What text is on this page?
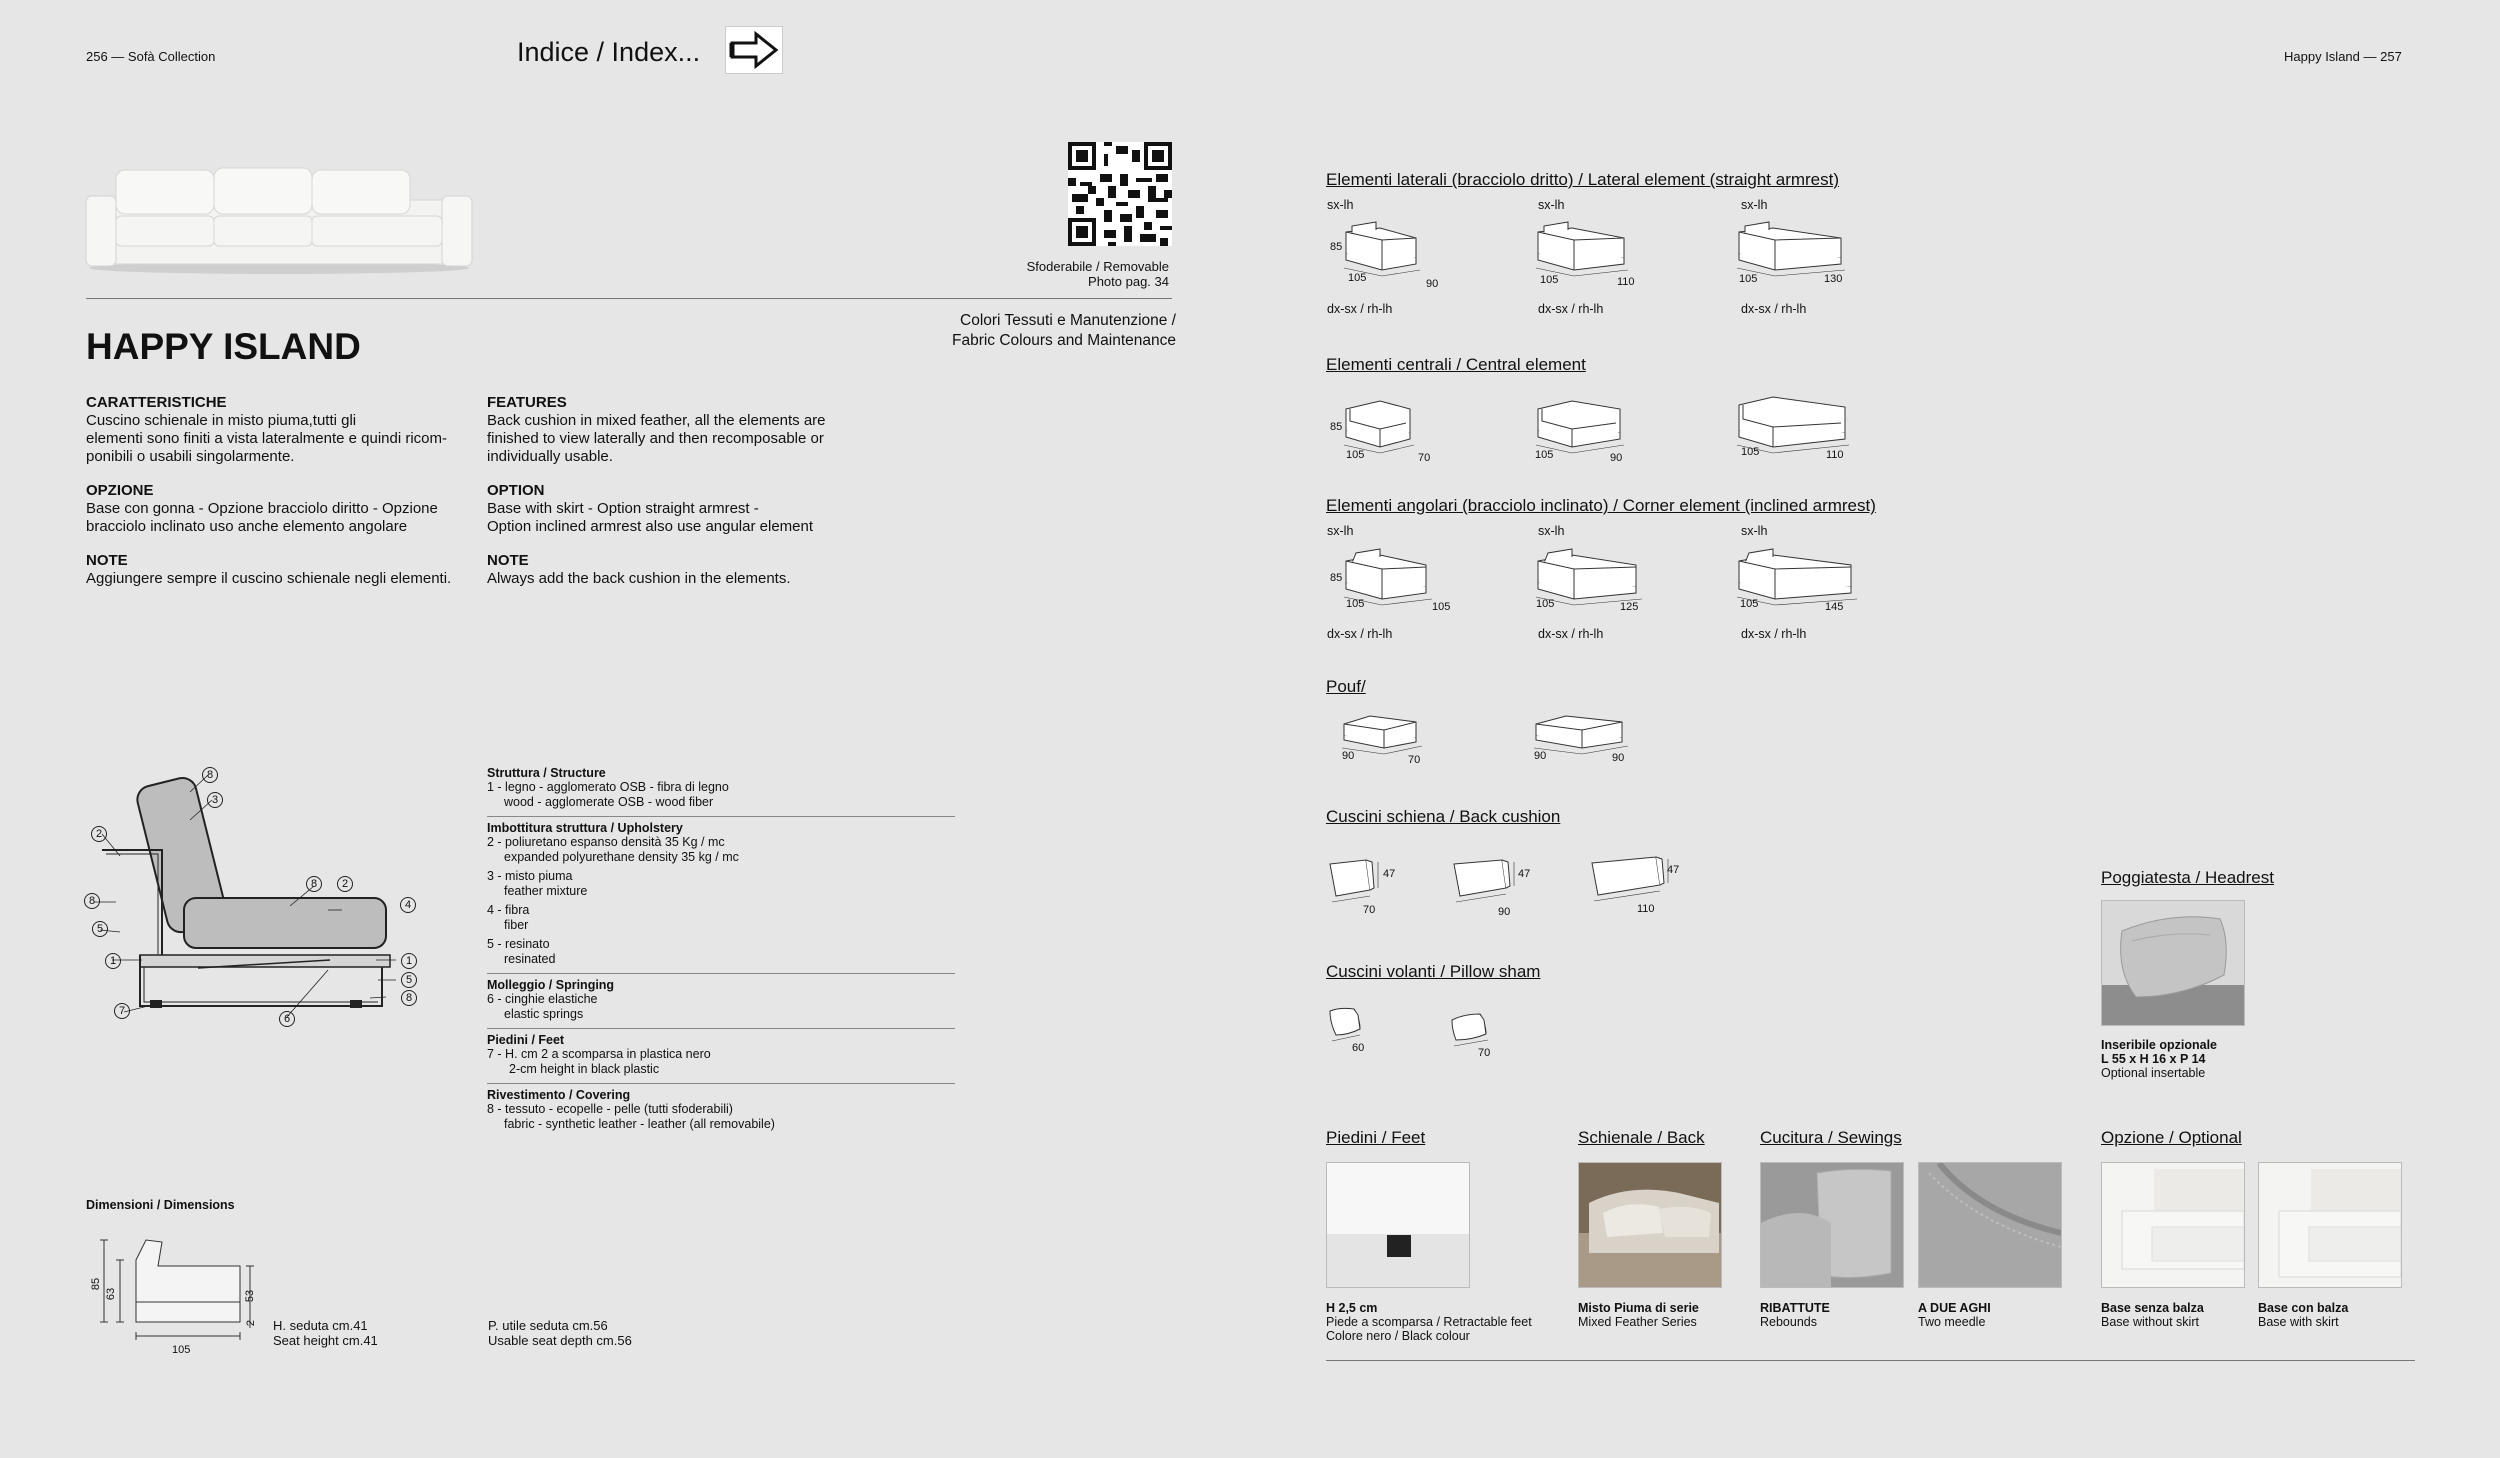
256 — Sofà Collection	Indice / Index...	Happy Island — 257
Sfoderabile / Removable
Photo pag. 34
HAPPY ISLAND
Colori Tessuti e Manutenzione /
Fabric Colours and Maintenance
CARATTERISTICHE
Cuscino schienale in misto piuma,tutti gli
elementi sono finiti a vista lateralmente e quindi ricom-
ponibili o usabili singolarmente.
OPZIONE
Base con gonna - Opzione bracciolo diritto - Opzione
bracciolo inclinato uso anche elemento angolare
NOTE
Aggiungere sempre il cuscino schienale negli elementi.
FEATURES
Back cushion in mixed feather, all the elements are
finished to view laterally and then recomposable or
individually usable.
OPTION
Base with skirt - Option straight armrest -
Option inclined armrest also use angular element
NOTE
Always add the back cushion in the elements.
8
3
2
8
2
4
8
5
1	1
5
8
7
6
Struttura / Structure
1 - legno - agglomerato OSB - fibra di legno
wood - agglomerate OSB - wood fiber
Imbottitura struttura / Upholstery
2 - poliuretano espanso densità 35 Kg / mc
expanded polyurethane density 35 kg / mc
3 - misto piuma
feather mixture
4 - fibra
fiber
5 - resinato
resinated
Molleggio / Springing
6 - cinghie elastiche
elastic springs
Piedini / Feet
7 - H. cm 2 a scomparsa in plastica nero
2-cm height in black plastic
Rivestimento / Covering
8 - tessuto - ecopelle - pelle (tutti sfoderabili)
fabric - synthetic leather - leather (all removabile)
Dimensioni / Dimensions
85
63	53
2
105
H. seduta cm.41
Seat height cm.41
P. utile seduta cm.56
Usable seat depth cm.56
Elementi laterali (bracciolo dritto) / Lateral element (straight armrest)
sx-lh	sx-lh	sx-lh
85
105	90	105	110	105	130
dx-sx / rh-lh	dx-sx / rh-lh	dx-sx / rh-lh
Elementi centrali / Central element
85
105	70	105	90	105	110
Elementi angolari (bracciolo inclinato) / Corner element (inclined armrest)
sx-lh	sx-lh	sx-lh
85
105	105	105	125	105	145
dx-sx / rh-lh	dx-sx / rh-lh	dx-sx / rh-lh
Pouf/
90	70	90	90
Cuscini schiena / Back cushion
47
70
47
90
47
110
Cuscini volanti / Pillow sham
60	70
Poggiatesta / Headrest
Inseribile opzionale
L 55 x H 16 x P 14
Optional insertable
Piedini / Feet	Schienale / Back	Cucitura / Sewings	Opzione / Optional
H 2,5 cm
Piede a scomparsa / Retractable feet
Colore nero / Black colour
Misto Piuma di serie
Mixed Feather Series
RIBATTUTE
Rebounds
A DUE AGHI
Two meedle
Base senza balza
Base without skirt
Base con balza
Base with skirt
